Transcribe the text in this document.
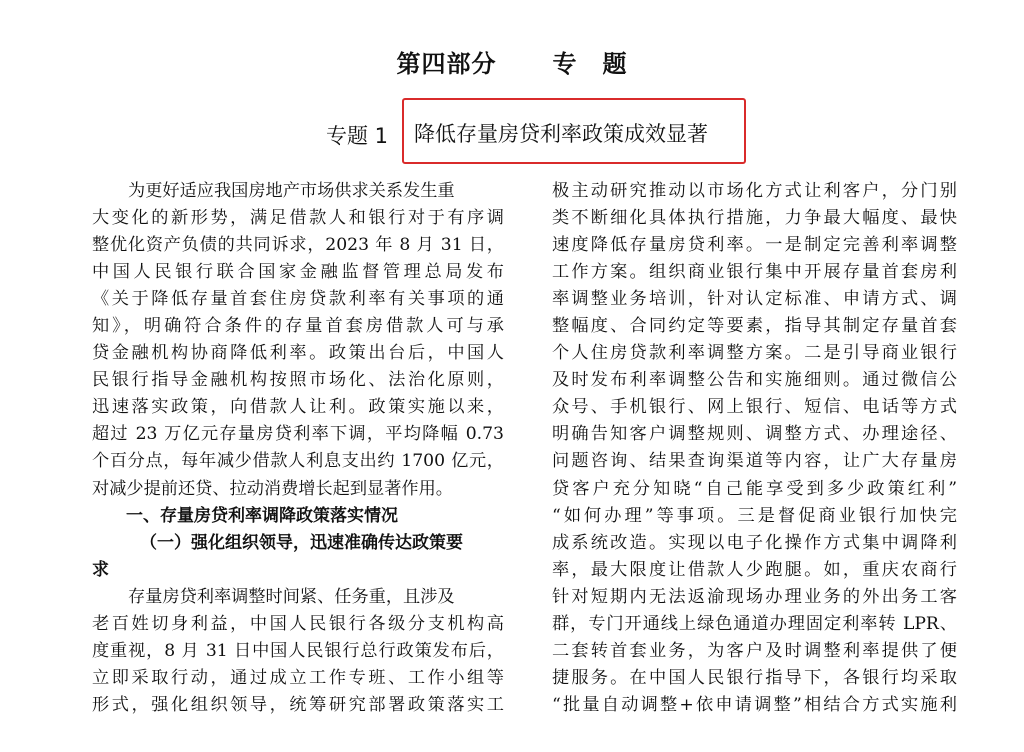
第四部分 专　题
专题 1 降低存量房贷利率政策成效显著
为更好适应我国房地产市场供求关系发生重
大变化的新形势，满足借款人和银行对于有序调
整优化资产负债的共同诉求，2023 年 8 月 31 日，
中国人民银行联合国家金融监督管理总局发布
《关于降低存量首套住房贷款利率有关事项的通
知》，明确符合条件的存量首套房借款人可与承
贷金融机构协商降低利率。政策出台后，中国人
民银行指导金融机构按照市场化、法治化原则，
迅速落实政策，向借款人让利。政策实施以来，
超过 23 万亿元存量房贷利率下调，平均降幅 0.73
个百分点，每年减少借款人利息支出约 1700 亿元，
对减少提前还贷、拉动消费增长起到显著作用。
一、存量房贷利率调降政策落实情况
（一）强化组织领导，迅速准确传达政策要
求
存量房贷利率调整时间紧、任务重，且涉及
老百姓切身利益，中国人民银行各级分支机构高
度重视，8 月 31 日中国人民银行总行政策发布后，
立即采取行动，通过成立工作专班、工作小组等
形式，强化组织领导，统筹研究部署政策落实工
极主动研究推动以市场化方式让利客户，分门别
类不断细化具体执行措施，力争最大幅度、最快
速度降低存量房贷利率。一是制定完善利率调整
工作方案。组织商业银行集中开展存量首套房利
率调整业务培训，针对认定标准、申请方式、调
整幅度、合同约定等要素，指导其制定存量首套
个人住房贷款利率调整方案。二是引导商业银行
及时发布利率调整公告和实施细则。通过微信公
众号、手机银行、网上银行、短信、电话等方式
明确告知客户调整规则、调整方式、办理途径、
问题咨询、结果查询渠道等内容，让广大存量房
贷客户充分知晓“自己能享受到多少政策红利”
“如何办理”等事项。三是督促商业银行加快完
成系统改造。实现以电子化操作方式集中调降利
率，最大限度让借款人少跑腿。如，重庆农商行
针对短期内无法返渝现场办理业务的外出务工客
群，专门开通线上绿色通道办理固定利率转 LPR、
二套转首套业务，为客户及时调整利率提供了便
捷服务。在中国人民银行指导下，各银行均采取
“批量自动调整+依申请调整”相结合方式实施利
